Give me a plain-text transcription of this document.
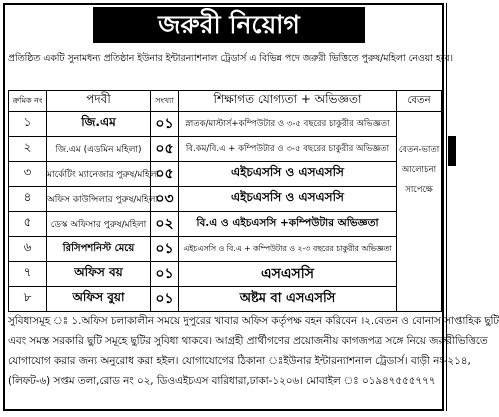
জরুরী নিয়োগ
প্রতিষ্ঠিত একটি সুনামধন্য প্রতিষ্ঠান ইউনার ইন্টারন্যাশনাল ট্রেডার্স এ বিভিন্ন পদে জরুরী ভিত্তিতে পুরুষ/মহিলা নেওয়া হবে।
ক্রমিক নং	পদবী	সংখ্যা	শিক্ষাগত যোগ্যতা + অভিজ্ঞতা	বেতন
১	জি.এম	০১	স্নাতক/মাস্টার্স+কম্পিউটার ও ৩-৫ বছরের চাকুরীর অভিজ্ঞতা	বেতন-ভাতা
আলোচনা
সাপেক্ষে

২	জি.এম (এডমিন মহিলা)	০৫	বি.কম/বি.এ + কম্পিউটার ও ৩-৫ বছরের চাকুরীর অভিজ্ঞতা	
৩	মার্কেটিং ম্যানেজার পুরুষ/মহিলা	০৫	এইচএসসি ও এসএসসি	
৪	অফিস কাউন্সিলার পুরুষ/মহিলা	০৩	এইচএসসি ও এসএসসি	
৫	ডেস্ক অফিসার পুরুষ/মহিলা	০২	বি.এ ও এইচএসসি +কম্পিউটার অভিজ্ঞতা	
৬	রিসিপশনিস্ট মেয়ে	০১	এইচএসসি ও বি.এ + কম্পিউটার ও ২-৩ বছরের চাকুরীর অভিজ্ঞতা	
৭	অফিস বয়	০১	এসএসসি	
৮	অফিস বুয়া	০১	অষ্টম বা এসএসসি	
সুবিধাসমূহ ঃ ১.অফিস চলাকালীন সময়ে দুপুরের খাবার অফিস কর্তৃপক্ষ বহন করিবেন ।২.বেতন ও বোনাস সাপ্তাহিক ছুটি
এবং সমস্ত সরকারি ছুটি সমূহে ছুটির সুবিধা থাকবে। আগ্রহী প্রার্থীগণের প্রয়োজনীয় কাগজপত্র সঙ্গে নিয়ে জরুরীভিত্তিতে
যোগাযোগ করার জন্য অনুরোধ করা হইল। যোগাযোগের ঠিকানা ঃইউনার ইন্টারন্যাশনাল ট্রেডার্স। বাড়ী নং-২১৪,
(লিফট-৬) সপ্তম তলা,রোড নং ০২, ডিওএইচএস বারিধারা,ঢাকা-১২০৬। মোবাইল ঃ ০১৯৪৭৫৫৫৭৭৭
